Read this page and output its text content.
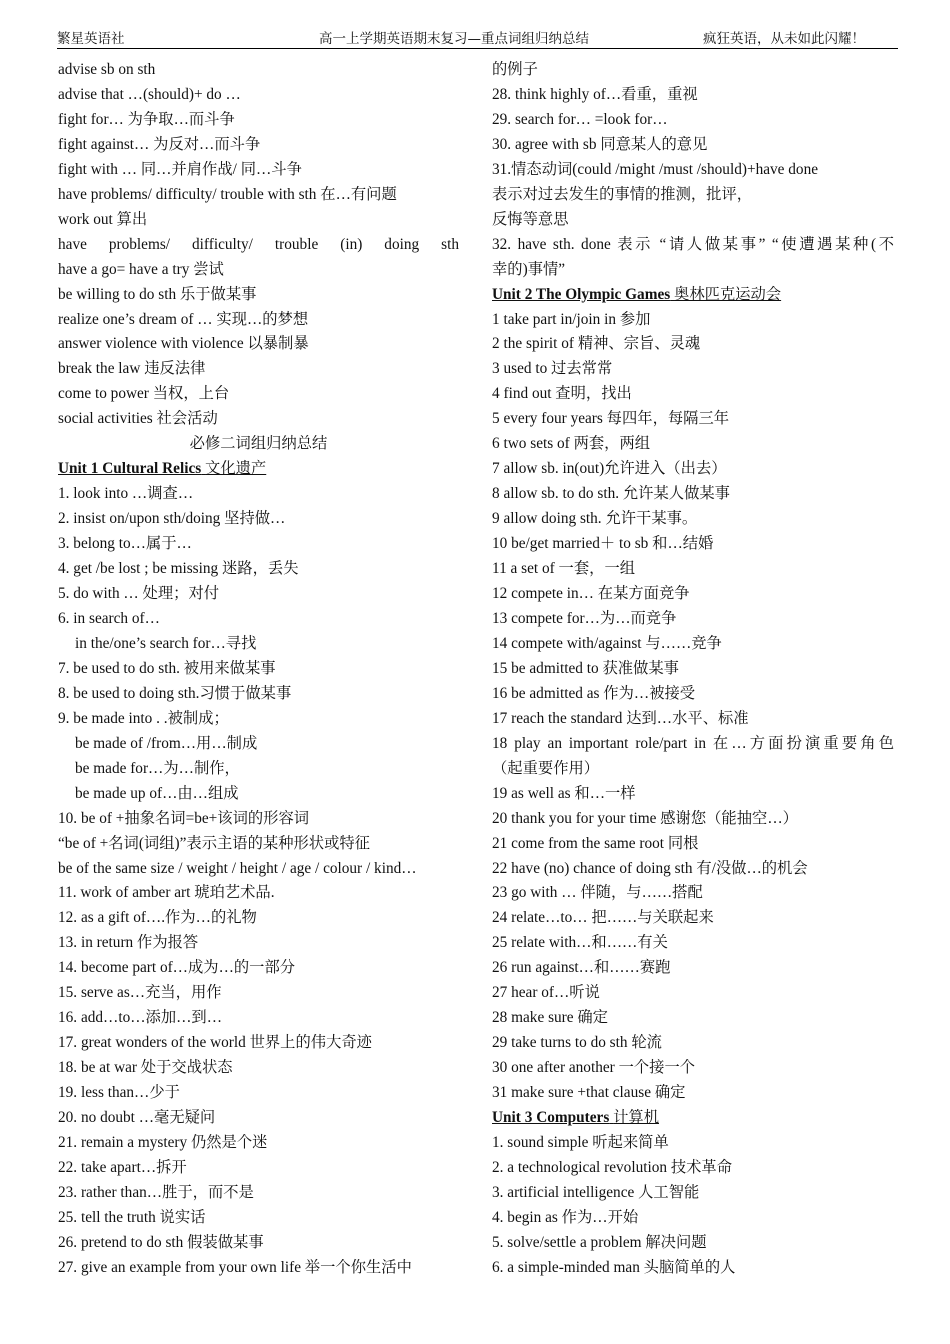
繁星英语社	高一上学期英语期末复习—重点词组归纳总结	疯狂英语，从未如此闪耀！
advise sb on sth
advise that …(should)+ do …
fight for… 为争取…而斗争
fight against… 为反对…而斗争
fight with … 同…并肩作战/ 同…斗争
have problems/ difficulty/ trouble with sth 在…有问题
work out 算出
have problems/ difficulty/ trouble (in) doing sth
have a go= have a try 尝试
be willing to do sth 乐于做某事
realize one’s dream of … 实现…的梦想
answer violence with violence 以暴制暴
break the law 违反法律
come to power 当权，上台
social activities 社会活动
必修二词组归纳总结
Unit 1 Cultural Relics 文化遗产
1. look into …调查…
2. insist on/upon sth/doing 坚持做…
3. belong to…属于…
4. get /be lost ; be missing 迷路，丢失
5. do with … 处理；对付
6. in search of…
in the/one’s search for…寻找
7. be used to do sth. 被用来做某事
8. be used to doing sth.习惯于做某事
9. be made into . .被制成；
be made of /from…用…制成
be made for…为…制作，
be made up of…由…组成
10. be of +抽象名词=be+该词的形容词
“be of +名词(词组)”表示主语的某种形状或特征
be of the same size / weight / height / age / colour / kind…
11. work of amber art 琥珀艺术品.
12. as a gift of….作为…的礼物
13. in return 作为报答
14. become part of…成为…的一部分
15. serve as…充当，用作
16. add…to…添加…到…
17. great wonders of the world 世界上的伟大奇迹
18. be at war 处于交战状态
19. less than…少于
20. no doubt …毫无疑问
21. remain a mystery 仍然是个迷
22. take apart…拆开
23. rather than…胜于，而不是
25. tell the truth 说实话
26. pretend to do sth 假装做某事
27. give an example from your own life 举一个你生活中
的例子
28. think highly of…看重，重视
29. search for… =look for…
30. agree with sb 同意某人的意见
31.情态动词(could /might /must /should)+have done
表示对过去发生的事情的推测，批评，
反悔等意思
32. have sth. done 表示 “请人做某事” “使遭遇某种(不
幸的)事情”
Unit 2 The Olympic Games 奥林匹克运动会
1 take part in/join in 参加
2 the spirit of 精神、宗旨、灵魂
3 used to 过去常常
4 find out 查明，找出
5 every four years 每四年，每隔三年
6 two sets of 两套，两组
7 allow sb. in(out)允许进入（出去）
8 allow sb. to do sth. 允许某人做某事
9 allow doing sth. 允许干某事。
10 be/get married＋ to sb 和…结婚
11 a set of 一套，一组
12 compete in… 在某方面竞争
13 compete for…为…而竞争
14 compete with/against 与……竞争
15 be admitted to 获准做某事
16 be admitted as 作为…被接受
17 reach the standard 达到…水平、标准
18 play an important role/part in 在…方面扮演重要角色
（起重要作用）
19 as well as 和…一样
20 thank you for your time 感谢您（能抽空…）
21 come from the same root 同根
22 have (no) chance of doing sth 有/没做…的机会
23 go with … 伴随，与……搭配
24 relate…to… 把……与关联起来
25 relate with…和……有关
26 run against…和……赛跑
27 hear of…听说
28 make sure 确定
29 take turns to do sth 轮流
30 one after another 一个接一个
31 make sure +that clause 确定
Unit 3 Computers 计算机
1. sound simple 听起来简单
2. a technological revolution 技术革命
3. artificial intelligence 人工智能
4. begin as 作为…开始
5. solve/settle a problem 解决问题
6. a simple-minded man 头脑简单的人
